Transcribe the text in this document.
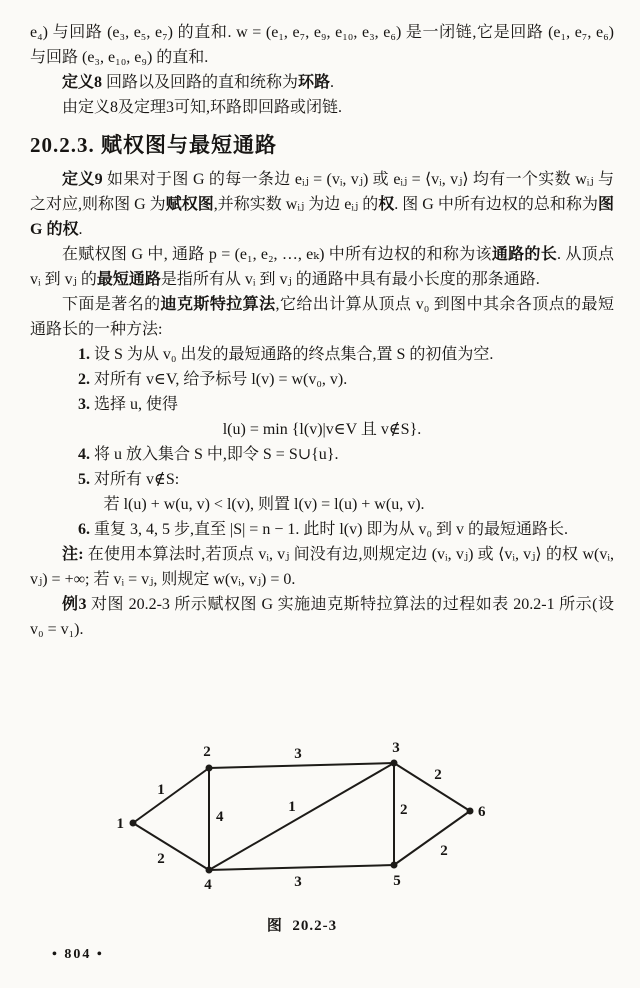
e₄) 与回路 (e₃, e₅, e₇) 的直和. w = (e₁, e₇, e₉, e₁₀, e₃, e₆) 是一闭链,它是回路 (e₁, e₇, e₆) 与回路 (e₃, e₁₀, e₉) 的直和.

定义8 回路以及回路的直和统称为环路.

由定义8及定理3可知,环路即回路或闭链.

20.2.3. 赋权图与最短通路

定义9 如果对于图 G 的每一条边 eᵢⱼ = (vᵢ, vⱼ) 或 eᵢⱼ = ⟨vᵢ, vⱼ⟩ 均有一个实数 wᵢⱼ 与之对应,则称图 G 为赋权图,并称实数 wᵢⱼ 为边 eᵢⱼ 的权. 图 G 中所有边权的总和称为图 G 的权.

在赋权图 G 中, 通路 p = (e₁, e₂, …, eₖ) 中所有边权的和称为该通路的长. 从顶点 vᵢ 到 vⱼ 的最短通路是指所有从 vᵢ 到 vⱼ 的通路中具有最小长度的那条通路.

下面是著名的迪克斯特拉算法,它给出计算从顶点 v₀ 到图中其余各顶点的最短通路长的一种方法:

1. 设 S 为从 v₀ 出发的最短通路的终点集合,置 S 的初值为空.

2. 对所有 v∈V, 给予标号 l(v) = w(v₀, v).

3. 选择 u, 使得

l(u) = min {l(v)|v∈V 且 v∉S}.

4. 将 u 放入集合 S 中,即令 S = S∪{u}.

5. 对所有 v∉S:

若 l(u) + w(u, v) < l(v), 则置 l(v) = l(u) + w(u, v).

6. 重复 3, 4, 5 步,直至 |S| = n − 1. 此时 l(v) 即为从 v₀ 到 v 的最短通路长.

注: 在使用本算法时,若顶点 vᵢ, vⱼ 间没有边,则规定边 (vᵢ, vⱼ) 或 ⟨vᵢ, vⱼ⟩ 的权 w(vᵢ, vⱼ) = +∞; 若 vᵢ = vⱼ, 则规定 w(vᵢ, vⱼ) = 0.

例3 对图 20.2-3 所示赋权图 G 实施迪克斯特拉算法的过程如表 20.2-1 所示(设 v₀ = v₁).

1
2	3
4	5
6
1
2
3
4
1	2
2
3
2
图  20.2-3
• 804 •
